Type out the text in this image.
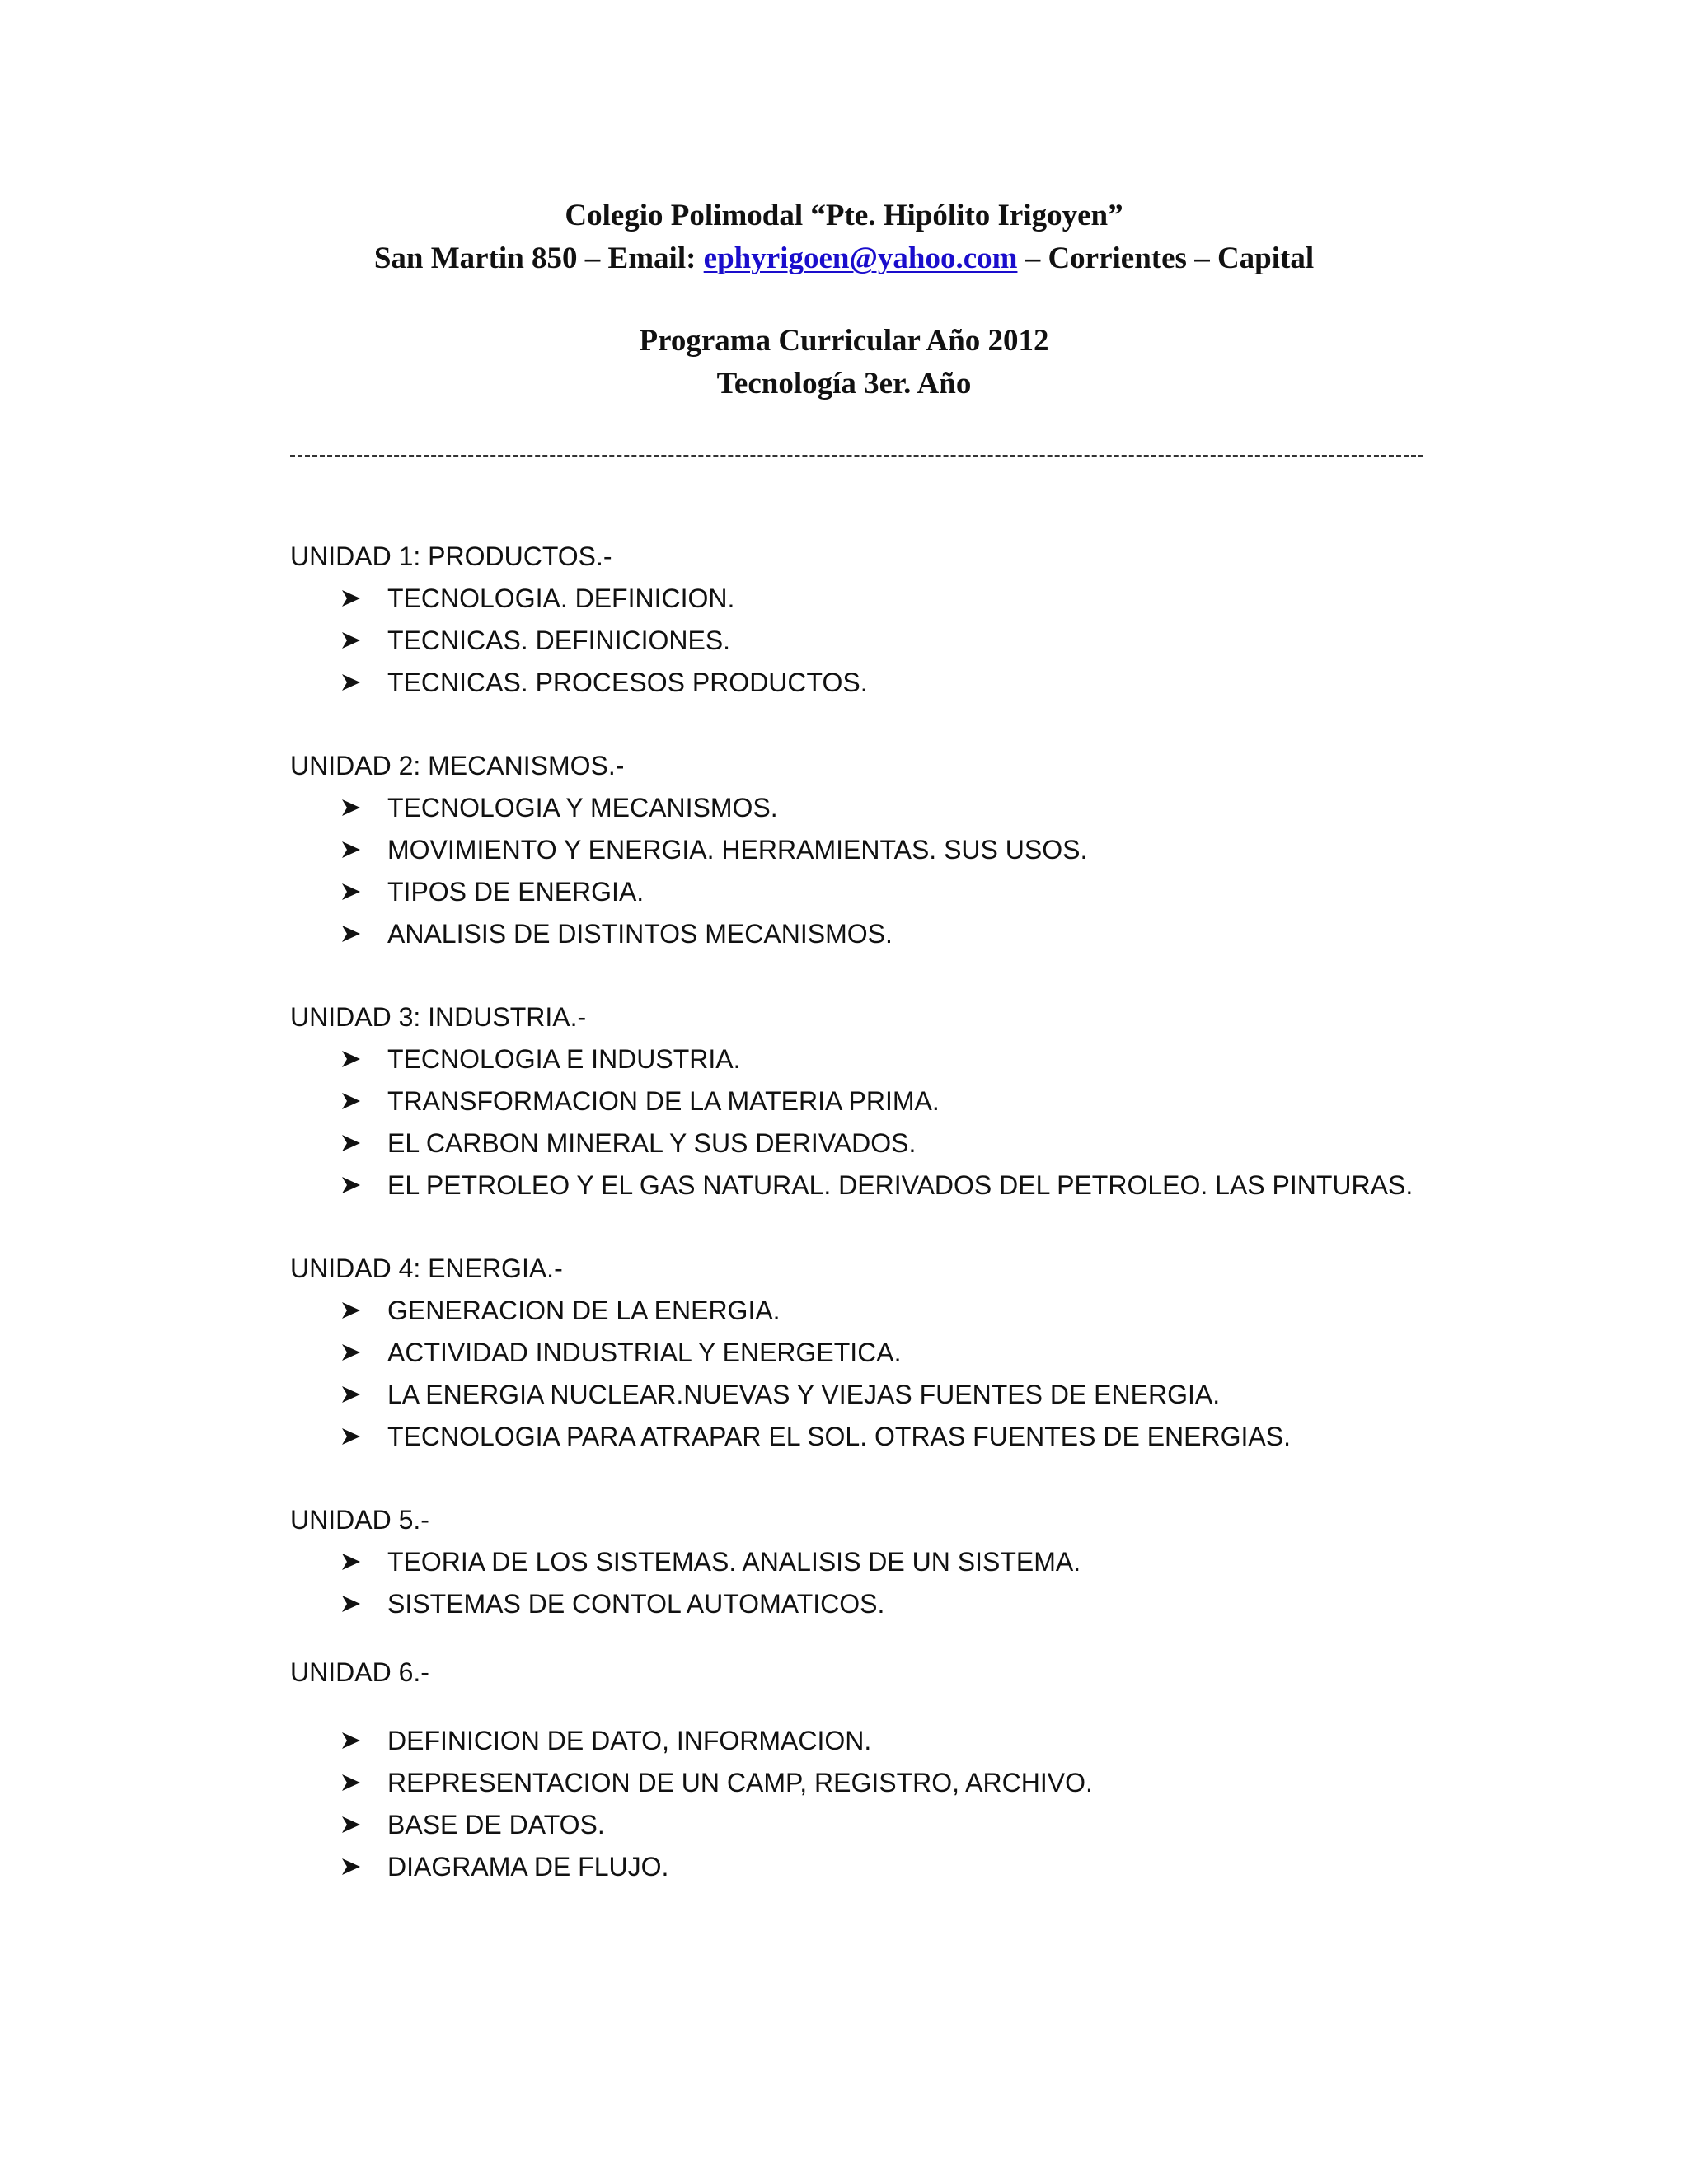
Colegio Polimodal “Pte. Hipólito Irigoyen”
San Martin 850 – Email: ephyrigoen@yahoo.com – Corrientes – Capital
Programa Curricular Año 2012
Tecnología 3er. Año
UNIDAD 1: PRODUCTOS.-
TECNOLOGIA. DEFINICION.
TECNICAS. DEFINICIONES.
TECNICAS. PROCESOS PRODUCTOS.
UNIDAD 2: MECANISMOS.-
TECNOLOGIA Y MECANISMOS.
MOVIMIENTO Y ENERGIA. HERRAMIENTAS. SUS USOS.
TIPOS DE ENERGIA.
ANALISIS DE DISTINTOS MECANISMOS.
UNIDAD 3: INDUSTRIA.-
TECNOLOGIA E INDUSTRIA.
TRANSFORMACION DE LA MATERIA PRIMA.
EL CARBON MINERAL Y SUS DERIVADOS.
EL PETROLEO Y EL GAS NATURAL. DERIVADOS DEL PETROLEO. LAS PINTURAS.
UNIDAD 4: ENERGIA.-
GENERACION DE LA ENERGIA.
ACTIVIDAD INDUSTRIAL Y ENERGETICA.
LA ENERGIA NUCLEAR.NUEVAS Y VIEJAS FUENTES DE ENERGIA.
TECNOLOGIA PARA ATRAPAR EL SOL. OTRAS FUENTES DE ENERGIAS.
UNIDAD 5.-
TEORIA DE LOS SISTEMAS. ANALISIS DE UN SISTEMA.
SISTEMAS DE CONTOL AUTOMATICOS.
UNIDAD 6.-
DEFINICION DE DATO, INFORMACION.
REPRESENTACION DE UN CAMP, REGISTRO, ARCHIVO.
BASE DE DATOS.
DIAGRAMA DE FLUJO.
